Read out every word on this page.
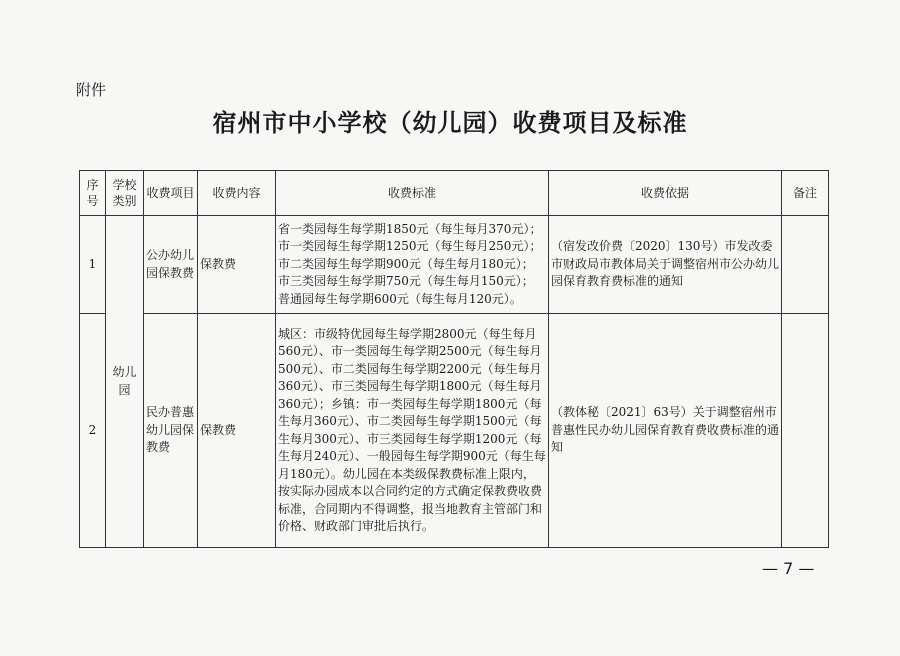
附件
宿州市中小学校（幼儿园）收费项目及标准
序号	学校类别	收费项目	收费内容	收费标准	收费依据	备注
1	幼儿园	公办幼儿园保教费	保教费	省一类园每生每学期1850元（每生每月370元）；
市一类园每生每学期1250元（每生每月250元）；
市二类园每生每学期900元（每生每月180元）；
市三类园每生每学期750元（每生每月150元）；
普通园每生每学期600元（每生每月120元）。	（宿发改价费〔2020〕130号）市发改委市财政局市教体局关于调整宿州市公办幼儿园保育教育费标准的通知	
2		民办普惠幼儿园保教费	保教费	城区：市级特优园每生每学期2800元（每生每月560元）、市一类园每生每学期2500元（每生每月500元）、市二类园每生每学期2200元（每生每月360元）、市三类园每生每学期1800元（每生每月360元）；乡镇：市一类园每生每学期1800元（每生每月360元）、市二类园每生每学期1500元（每生每月300元）、市三类园每生每学期1200元（每生每月240元）、一般园每生每学期900元（每生每月180元）。幼儿园在本类级保教费标准上限内，按实际办园成本以合同约定的方式确定保教费收费标准，合同期内不得调整，报当地教育主管部门和价格、财政部门审批后执行。	（教体秘〔2021〕63号）关于调整宿州市普惠性民办幼儿园保育教育费收费标准的通知	
— 7 —
